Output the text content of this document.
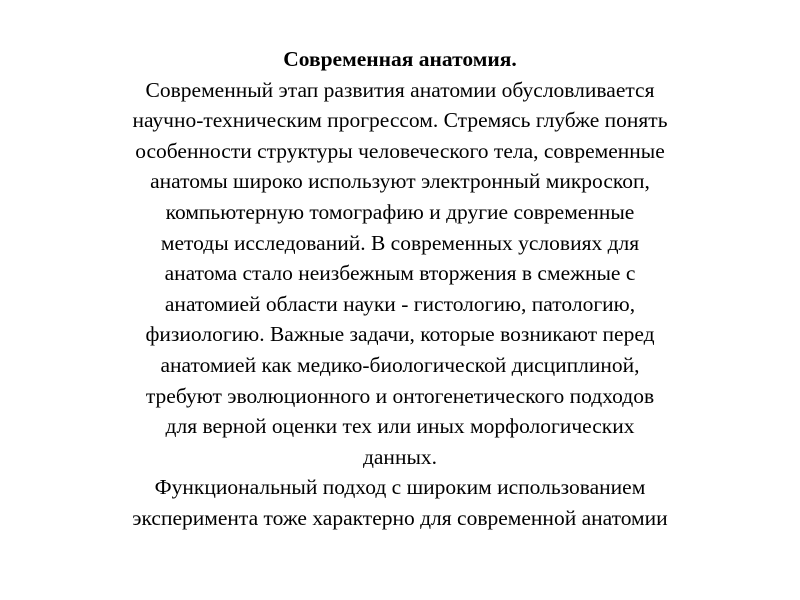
Современная анатомия.
Современный этап развития анатомии обусловливается
научно-техническим прогрессом. Стремясь глубже понять
особенности структуры человеческого тела, современные
анатомы широко используют электронный микроскоп,
компьютерную томографию и другие современные
методы исследований. В современных условиях для
анатома стало неизбежным вторжения в смежные с
анатомией области науки - гистологию, патологию,
физиологию. Важные задачи, которые возникают перед
анатомией как медико-биологической дисциплиной,
требуют эволюционного и онтогенетического подходов
для верной оценки тех или иных морфологических
данных.
Функциональный подход с широким использованием
эксперимента тоже характерно для современной анатомии
